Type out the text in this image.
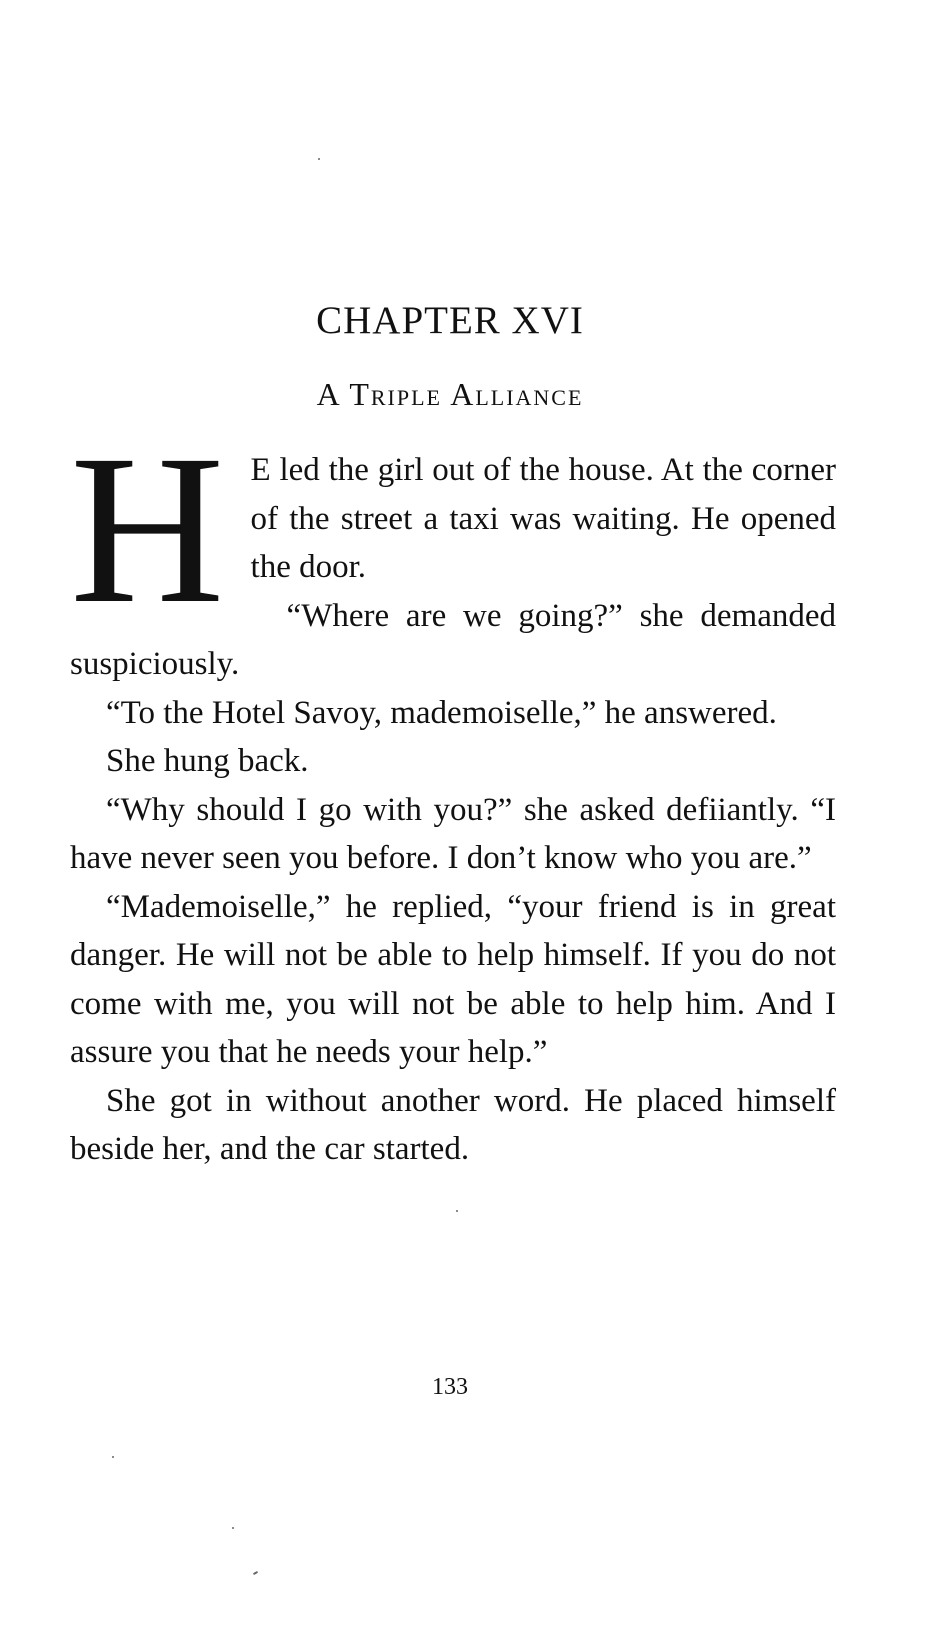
CHAPTER XVI
A Triple Alliance

H E led the girl out of the house. At the corner of the street a taxi was waiting. He opened the door.

“Where are we going?” she demanded suspiciously.

“To the Hotel Savoy, mademoiselle,” he answered.

She hung back.

“Why should I go with you?” she asked defiiantly. “I have never seen you before. I don’t know who you are.”

“Mademoiselle,” he replied, “your friend is in great danger. He will not be able to help himself. If you do not come with me, you will not be able to help him. And I assure you that he needs your help.”

She got in without another word. He placed himself beside her, and the car started.

133
